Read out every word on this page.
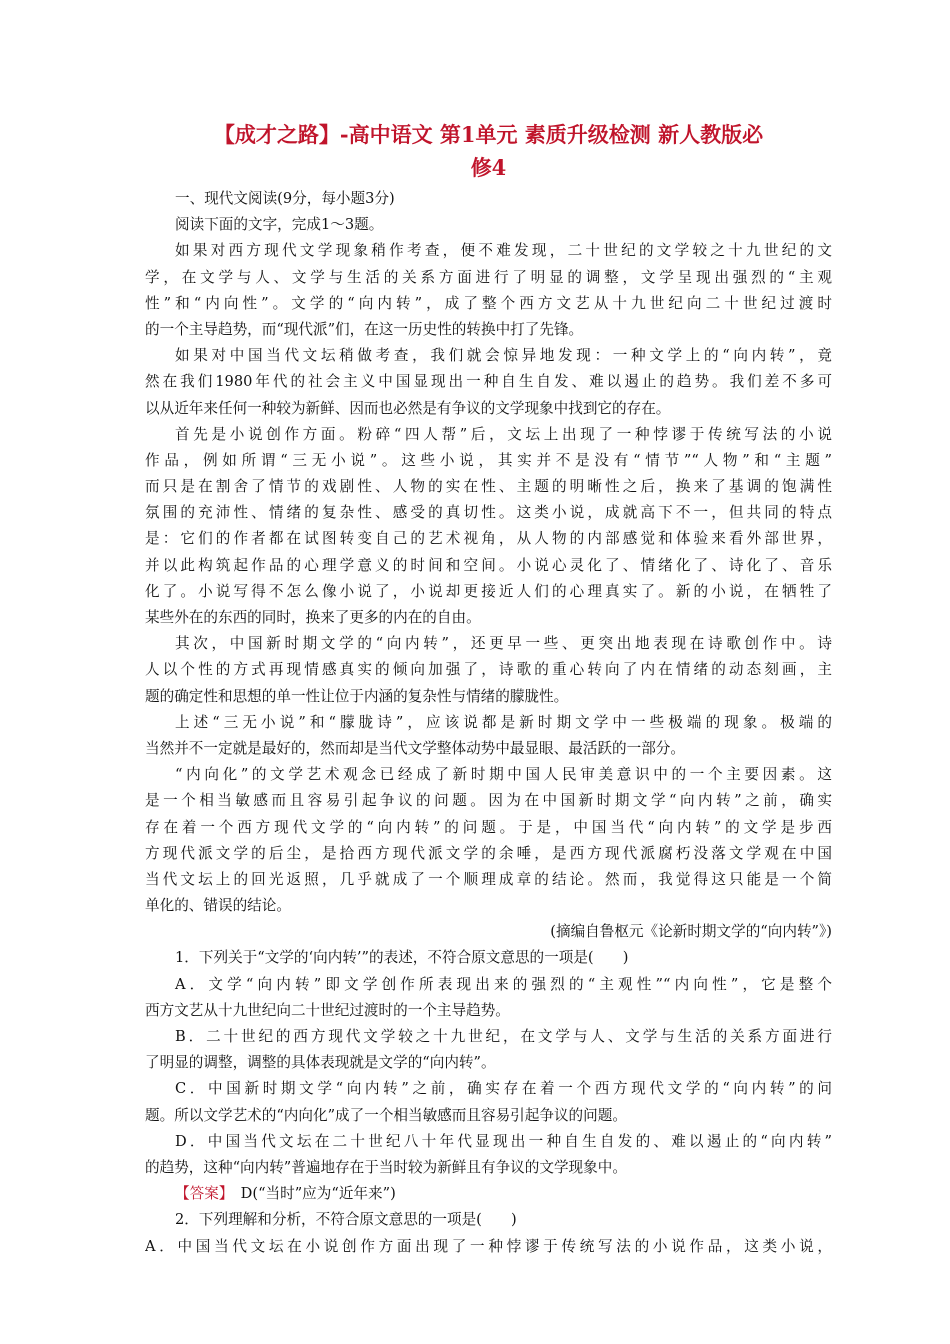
【成才之路】-高中语文 第1单元 素质升级检测 新人教版必
修4
一、现代文阅读(9分，每小题3分)
阅读下面的文字，完成1～3题。
如果对西方现代文学现象稍作考查，便不难发现，二十世纪的文学较之十九世纪的文
学，在文学与人、文学与生活的关系方面进行了明显的调整，文学呈现出强烈的“主观
性”和“内向性”。文学的“向内转”，成了整个西方文艺从十九世纪向二十世纪过渡时
的一个主导趋势，而“现代派”们，在这一历史性的转换中打了先锋。
如果对中国当代文坛稍做考查，我们就会惊异地发现：一种文学上的“向内转”，竟
然在我们1980年代的社会主义中国显现出一种自生自发、难以遏止的趋势。我们差不多可
以从近年来任何一种较为新鲜、因而也必然是有争议的文学现象中找到它的存在。
首先是小说创作方面。粉碎“四人帮”后，文坛上出现了一种悖谬于传统写法的小说
作品，例如所谓“三无小说”。这些小说，其实并不是没有“情节”“人物”和“主题”
而只是在割舍了情节的戏剧性、人物的实在性、主题的明晰性之后，换来了基调的饱满性
氛围的充沛性、情绪的复杂性、感受的真切性。这类小说，成就高下不一，但共同的特点
是：它们的作者都在试图转变自己的艺术视角，从人物的内部感觉和体验来看外部世界，
并以此构筑起作品的心理学意义的时间和空间。小说心灵化了、情绪化了、诗化了、音乐
化了。小说写得不怎么像小说了，小说却更接近人们的心理真实了。新的小说，在牺牲了
某些外在的东西的同时，换来了更多的内在的自由。
其次，中国新时期文学的“向内转”，还更早一些、更突出地表现在诗歌创作中。诗
人以个性的方式再现情感真实的倾向加强了，诗歌的重心转向了内在情绪的动态刻画，主
题的确定性和思想的单一性让位于内涵的复杂性与情绪的朦胧性。
上述“三无小说”和“朦胧诗”，应该说都是新时期文学中一些极端的现象。极端的
当然并不一定就是最好的，然而却是当代文学整体动势中最显眼、最活跃的一部分。
“内向化”的文学艺术观念已经成了新时期中国人民审美意识中的一个主要因素。这
是一个相当敏感而且容易引起争议的问题。因为在中国新时期文学“向内转”之前，确实
存在着一个西方现代文学的“向内转”的问题。于是，中国当代“向内转”的文学是步西
方现代派文学的后尘，是拾西方现代派文学的余唾，是西方现代派腐朽没落文学观在中国
当代文坛上的回光返照，几乎就成了一个顺理成章的结论。然而，我觉得这只能是一个简
单化的、错误的结论。
(摘编自鲁枢元《论新时期文学的“向内转”》)
1．下列关于“文学的‘向内转’”的表述，不符合原文意思的一项是(　　)
A．文学“向内转”即文学创作所表现出来的强烈的“主观性”“内向性”，它是整个
西方文艺从十九世纪向二十世纪过渡时的一个主导趋势。
B．二十世纪的西方现代文学较之十九世纪，在文学与人、文学与生活的关系方面进行
了明显的调整，调整的具体表现就是文学的“向内转”。
C．中国新时期文学“向内转”之前，确实存在着一个西方现代文学的“向内转”的问
题。所以文学艺术的“内向化”成了一个相当敏感而且容易引起争议的问题。
D．中国当代文坛在二十世纪八十年代显现出一种自生自发的、难以遏止的“向内转”
的趋势，这种“向内转”普遍地存在于当时较为新鲜且有争议的文学现象中。
【答案】　D(“当时”应为“近年来”)
2．下列理解和分析，不符合原文意思的一项是(　　)
A．中国当代文坛在小说创作方面出现了一种悖谬于传统写法的小说作品，这类小说，
